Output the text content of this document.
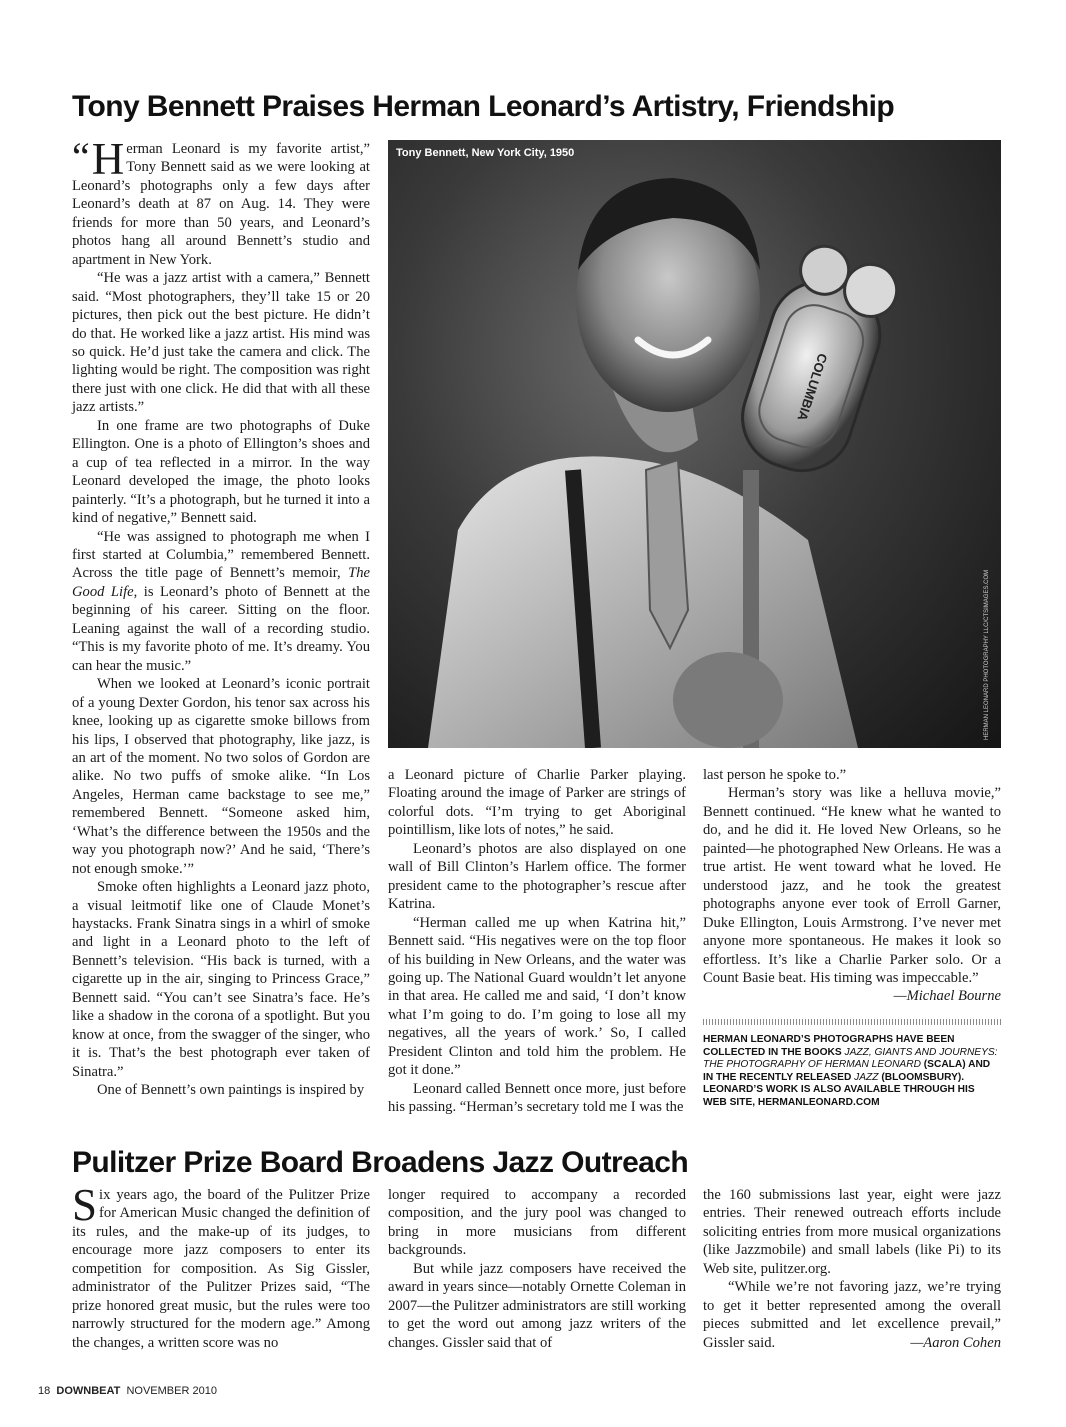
Tony Bennett Praises Herman Leonard’s Artistry, Friendship

“ H erman Leonard is my favorite artist,” Tony Bennett said as we were looking at Leonard’s photographs only a few days after Leonard’s death at 87 on Aug. 14. They were friends for more than 50 years, and Leonard’s photos hang all around Bennett’s studio and apartment in New York.

“He was a jazz artist with a camera,” Bennett said. “Most photographers, they’ll take 15 or 20 pictures, then pick out the best picture. He didn’t do that. He worked like a jazz artist. His mind was so quick. He’d just take the camera and click. The lighting would be right. The composition was right there just with one click. He did that with all these jazz artists.”

In one frame are two photographs of Duke Ellington. One is a photo of Ellington’s shoes and a cup of tea reflected in a mirror. In the way Leonard developed the image, the photo looks painterly. “It’s a photograph, but he turned it into a kind of negative,” Bennett said.

“He was assigned to photograph me when I first started at Columbia,” remembered Bennett. Across the title page of Bennett’s memoir, The Good Life, is Leonard’s photo of Bennett at the beginning of his career. Sitting on the floor. Leaning against the wall of a recording studio. “This is my favorite photo of me. It’s dreamy. You can hear the music.”

When we looked at Leonard’s iconic portrait of a young Dexter Gordon, his tenor sax across his knee, looking up as cigarette smoke billows from his lips, I observed that photography, like jazz, is an art of the moment. No two solos of Gordon are alike. No two puffs of smoke alike. “In Los Angeles, Herman came backstage to see me,” remembered Bennett. “Someone asked him, ‘What’s the difference between the 1950s and the way you photograph now?’ And he said, ‘There’s not enough smoke.’”

Smoke often highlights a Leonard jazz photo, a visual leitmotif like one of Claude Monet’s haystacks. Frank Sinatra sings in a whirl of smoke and light in a Leonard photo to the left of Bennett’s television. “His back is turned, with a cigarette up in the air, singing to Princess Grace,” Bennett said. “You can’t see Sinatra’s face. He’s like a shadow in the corona of a spotlight. But you know at once, from the swagger of the singer, who it is. That’s the best photograph ever taken of Sinatra.”

One of Bennett’s own paintings is inspired by

COLUMBIA
Tony Bennett, New York City, 1950
HERMAN LEONARD PHOTOGRAPHY LLC/CTSIMAGES.COM

a Leonard picture of Charlie Parker playing. Floating around the image of Parker are strings of colorful dots. “I’m trying to get Aboriginal pointillism, like lots of notes,” he said.

Leonard’s photos are also displayed on one wall of Bill Clinton’s Harlem office. The former president came to the photographer’s rescue after Katrina.

“Herman called me up when Katrina hit,” Bennett said. “His negatives were on the top floor of his building in New Orleans, and the water was going up. The National Guard wouldn’t let anyone in that area. He called me and said, ‘I don’t know what I’m going to do. I’m going to lose all my negatives, all the years of work.’ So, I called President Clinton and told him the problem. He got it done.”

Leonard called Bennett once more, just before his passing. “Herman’s secretary told me I was the

last person he spoke to.”

Herman’s story was like a helluva movie,” Bennett continued. “He knew what he wanted to do, and he did it. He loved New Orleans, so he painted—he photographed New Orleans. He was a true artist. He went toward what he loved. He understood jazz, and he took the greatest photographs anyone ever took of Erroll Garner, Duke Ellington, Louis Armstrong. I’ve never met anyone more spontaneous. He makes it look so effortless. It’s like a Charlie Parker solo. Or a Count Basie beat. His timing was impeccable.”
—Michael Bourne

HERMAN LEONARD’S PHOTOGRAPHS HAVE BEEN COLLECTED IN THE BOOKS JAZZ, GIANTS AND JOURNEYS: THE PHOTOGRAPHY OF HERMAN LEONARD (SCALA) AND IN THE RECENTLY RELEASED JAZZ (BLOOMSBURY). LEONARD’S WORK IS ALSO AVAILABLE THROUGH HIS WEB SITE, HERMANLEONARD.COM
Pulitzer Prize Board Broadens Jazz Outreach

Six years ago, the board of the Pulitzer Prize for American Music changed the definition of its rules, and the make-up of its judges, to encourage more jazz composers to enter its competition for composition. As Sig Gissler, administrator of the Pulitzer Prizes said, “The prize honored great music, but the rules were too narrowly structured for the modern age.” Among the changes, a written score was no

longer required to accompany a recorded composition, and the jury pool was changed to bring in more musicians from different backgrounds.

But while jazz composers have received the award in years since—notably Ornette Coleman in 2007—the Pulitzer administrators are still working to get the word out among jazz writers of the changes. Gissler said that of

the 160 submissions last year, eight were jazz entries. Their renewed outreach efforts include soliciting entries from more musical organizations (like Jazzmobile) and small labels (like Pi) to its Web site, pulitzer.org.

“While we’re not favoring jazz, we’re trying to get it better represented among the overall pieces submitted and let excellence prevail,” Gissler said.	—Aaron Cohen

18 DOWNBEAT NOVEMBER 2010
